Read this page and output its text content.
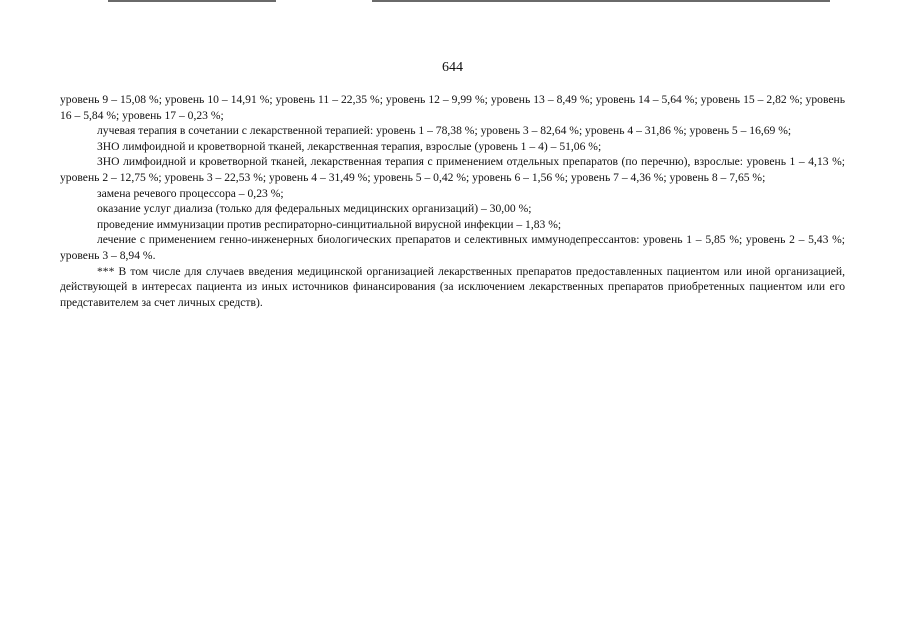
644

уровень 9 – 15,08 %; уровень 10 – 14,91 %; уровень 11 – 22,35 %; уровень 12 – 9,99 %; уровень 13 – 8,49 %; уровень 14 – 5,64 %; уровень 15 – 2,82 %; уровень 16 – 5,84 %; уровень 17 – 0,23 %;

лучевая терапия в сочетании с лекарственной терапией: уровень 1 – 78,38 %; уровень 3 – 82,64 %; уровень 4 – 31,86 %; уровень 5 – 16,69 %;

ЗНО лимфоидной и кроветворной тканей, лекарственная терапия, взрослые (уровень 1 – 4) – 51,06 %;

ЗНО лимфоидной и кроветворной тканей, лекарственная терапия с применением отдельных препаратов (по перечню), взрослые: уровень 1 – 4,13 %; уровень 2 – 12,75 %; уровень 3 – 22,53 %; уровень 4 – 31,49 %; уровень 5 – 0,42 %; уровень 6 – 1,56 %; уровень 7 – 4,36 %; уровень 8 – 7,65 %;

замена речевого процессора – 0,23 %;

оказание услуг диализа (только для федеральных медицинских организаций) – 30,00 %;

проведение иммунизации против респираторно-синцитиальной вирусной инфекции – 1,83 %;

лечение с применением генно-инженерных биологических препаратов и селективных иммунодепрессантов: уровень 1 – 5,85 %; уровень 2 – 5,43 %; уровень 3 – 8,94 %.

*** В том числе для случаев введения медицинской организацией лекарственных препаратов предоставленных пациентом или иной организацией, действующей в интересах пациента из иных источников финансирования (за исключением лекарственных препаратов приобретенных пациентом или его представителем за счет личных средств).
